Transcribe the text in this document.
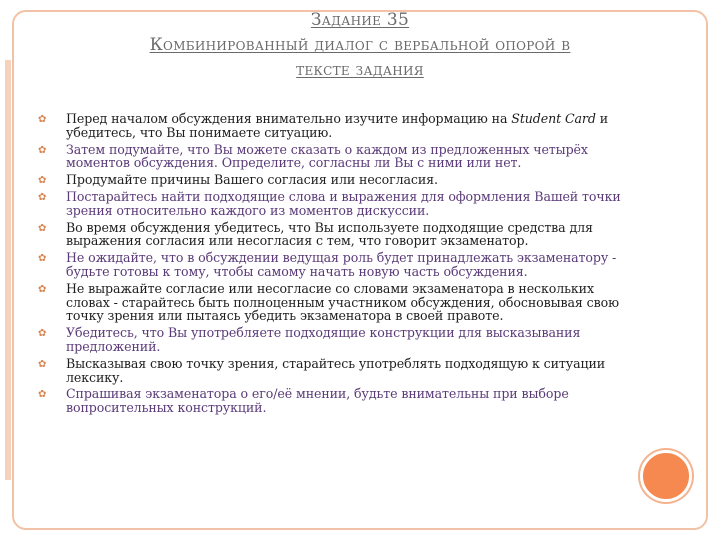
Задание 35
Комбинированный диалог с вербальной опорой в
тексте задания
✿ Перед началом обсуждения внимательно изучите информацию на Student Card и убедитесь, что Вы понимаете ситуацию.
✿ Затем подумайте, что Вы можете сказать о каждом из предложенных четырёх моментов обсуждения. Определите, согласны ли Вы с ними или нет.
✿ Продумайте причины Вашего согласия или несогласия.
✿ Постарайтесь найти подходящие слова и выражения для оформления Вашей точки зрения относительно каждого из моментов дискуссии.
✿ Во время обсуждения убедитесь, что Вы используете подходящие средства для выражения согласия или несогласия с тем, что говорит экзаменатор.
✿ Не ожидайте, что в обсуждении ведущая роль будет принадлежать экзаменатору - будьте готовы к тому, чтобы самому начать новую часть обсуждения.
✿ Не выражайте согласие или несогласие со словами экзаменатора в нескольких словах - старайтесь быть полноценным участником обсуждения, обосновывая свою точку зрения или пытаясь убедить экзаменатора в своей правоте.
✿ Убедитесь, что Вы употребляете подходящие конструкции для высказывания предложений.
✿ Высказывая свою точку зрения, старайтесь употреблять подходящую к ситуации лексику.
✿ Спрашивая экзаменатора о его/её мнении, будьте внимательны при выборе вопросительных конструкций.
